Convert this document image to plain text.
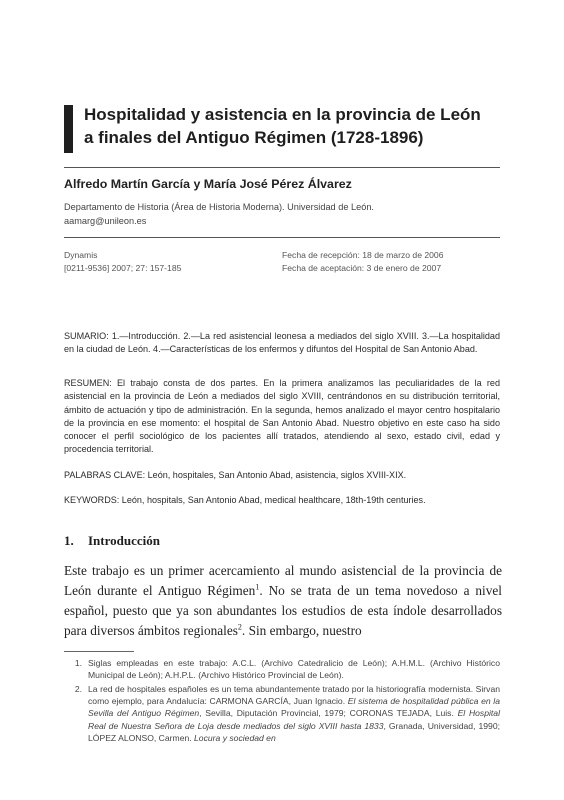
Hospitalidad y asistencia en la provincia de León
a finales del Antiguo Régimen (1728-1896)
Alfredo Martín García y María José Pérez Álvarez
Departamento de Historia (Área de Historia Moderna). Universidad de León.
aamarg@unileon.es
Dynamis
[0211-9536] 2007; 27: 157-185
Fecha de recepción: 18 de marzo de 2006
Fecha de aceptación: 3 de enero de 2007
SUMARIO: 1.—Introducción. 2.—La red asistencial leonesa a mediados del siglo XVIII. 3.—La hospitalidad en la ciudad de León. 4.—Características de los enfermos y difuntos del Hospital de San Antonio Abad.
RESUMEN: El trabajo consta de dos partes. En la primera analizamos las peculiaridades de la red asistencial en la provincia de León a mediados del siglo XVIII, centrándonos en su distribución territorial, ámbito de actuación y tipo de administración. En la segunda, hemos analizado el mayor centro hospitalario de la provincia en ese momento: el hospital de San Antonio Abad. Nuestro objetivo en este caso ha sido conocer el perfil sociológico de los pacientes allí tratados, atendiendo al sexo, estado civil, edad y procedencia territorial.
PALABRAS CLAVE: León, hospitales, San Antonio Abad, asistencia, siglos XVIII-XIX.
KEYWORDS: León, hospitals, San Antonio Abad, medical healthcare, 18th-19th centuries.
1. Introducción
Este trabajo es un primer acercamiento al mundo asistencial de la provincia de León durante el Antiguo Régimen$^1$. No se trata de un tema novedoso a nivel español, puesto que ya son abundantes los estudios de esta índole desarrollados para diversos ámbitos regionales$^2$. Sin embargo, nuestro
1. Siglas empleadas en este trabajo: A.C.L. (Archivo Catedralicio de León); A.H.M.L. (Archivo Histórico Municipal de León); A.H.P.L. (Archivo Histórico Provincial de León).
2. La red de hospitales españoles es un tema abundantemente tratado por la historiografía modernista. Sirvan como ejemplo, para Andalucía: CARMONA GARCÍA, Juan Ignacio. El sistema de hospitalidad pública en la Sevilla del Antiguo Régimen, Sevilla, Diputación Provincial, 1979; CORONAS TEJADA, Luis. El Hospital Real de Nuestra Señora de Loja desde mediados del siglo XVIII hasta 1833, Granada, Universidad, 1990; LÓPEZ ALONSO, Carmen. Locura y sociedad en
